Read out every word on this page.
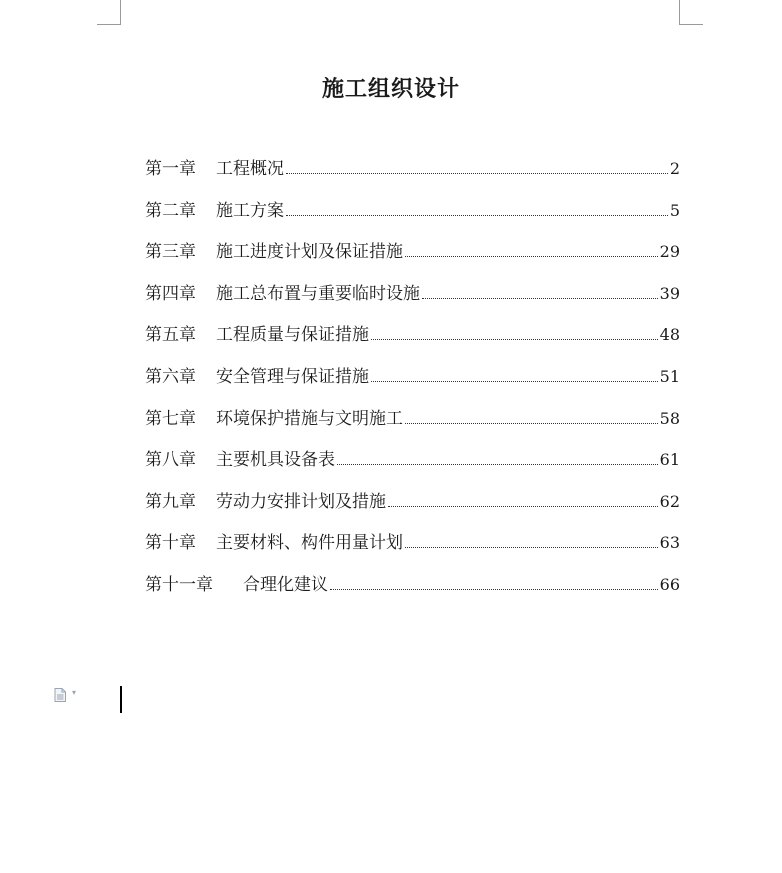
施工组织设计
第一章	工程概况	2
第二章	施工方案	5
第三章	施工进度计划及保证措施	29
第四章	施工总布置与重要临时设施	39
第五章	工程质量与保证措施	48
第六章	安全管理与保证措施	51
第七章	环境保护措施与文明施工	58
第八章	主要机具设备表	61
第九章	劳动力安排计划及措施	62
第十章	主要材料、构件用量计划	63
第十一章	合理化建议	66
▾
